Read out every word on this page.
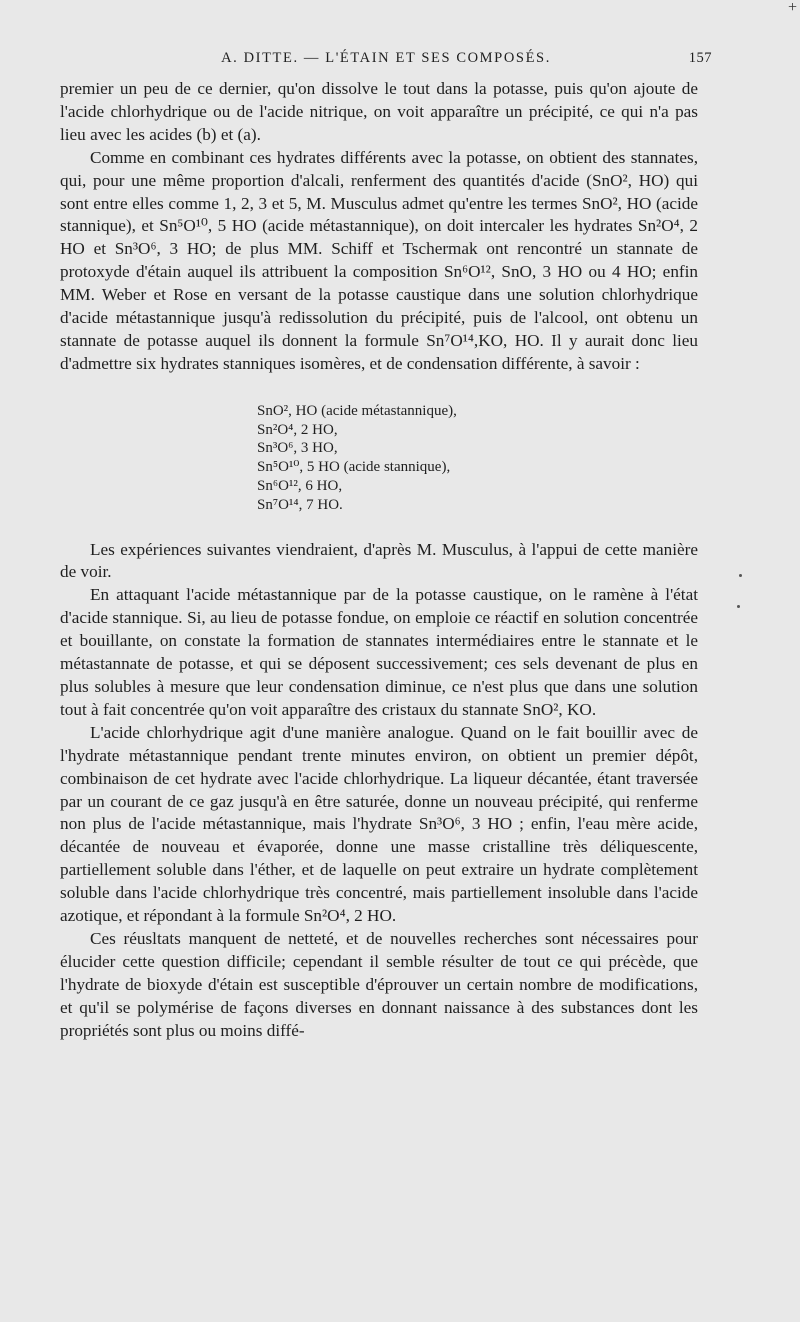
+
A. DITTE. — L'ÉTAIN ET SES COMPOSÉS.	157

premier un peu de ce dernier, qu'on dissolve le tout dans la potasse, puis qu'on ajoute de l'acide chlorhydrique ou de l'acide nitrique, on voit apparaître un précipité, ce qui n'a pas lieu avec les acides (b) et (a).

Comme en combinant ces hydrates différents avec la potasse, on obtient des stannates, qui, pour une même proportion d'alcali, renferment des quantités d'acide (SnO², HO) qui sont entre elles comme 1, 2, 3 et 5, M. Musculus admet qu'entre les termes SnO², HO (acide stannique), et Sn⁵O¹⁰, 5 HO (acide métastannique), on doit intercaler les hydrates Sn²O⁴, 2 HO et Sn³O⁶, 3 HO; de plus MM. Schiff et Tschermak ont rencontré un stannate de protoxyde d'étain auquel ils attribuent la composition Sn⁶O¹², SnO, 3 HO ou 4 HO; enfin MM. Weber et Rose en versant de la potasse caustique dans une solution chlorhydrique d'acide métastannique jusqu'à redissolution du précipité, puis de l'alcool, ont obtenu un stannate de potasse auquel ils donnent la formule Sn⁷O¹⁴,KO, HO. Il y aurait donc lieu d'admettre six hydrates stanniques isomères, et de condensation différente, à savoir :

SnO², HO (acide métastannique),
Sn²O⁴, 2 HO,
Sn³O⁶, 3 HO,
Sn⁵O¹⁰, 5 HO (acide stannique),
Sn⁶O¹², 6 HO,
Sn⁷O¹⁴, 7 HO.

Les expériences suivantes viendraient, d'après M. Musculus, à l'appui de cette manière de voir.

En attaquant l'acide métastannique par de la potasse caustique, on le ramène à l'état d'acide stannique. Si, au lieu de potasse fondue, on emploie ce réactif en solution concentrée et bouillante, on constate la formation de stannates intermédiaires entre le stannate et le métastannate de potasse, et qui se déposent successivement; ces sels devenant de plus en plus solubles à mesure que leur condensation diminue, ce n'est plus que dans une solution tout à fait concentrée qu'on voit apparaître des cristaux du stannate SnO², KO.

L'acide chlorhydrique agit d'une manière analogue. Quand on le fait bouillir avec de l'hydrate métastannique pendant trente minutes environ, on obtient un premier dépôt, combinaison de cet hydrate avec l'acide chlorhydrique. La liqueur décantée, étant traversée par un courant de ce gaz jusqu'à en être saturée, donne un nouveau précipité, qui renferme non plus de l'acide métastannique, mais l'hydrate Sn³O⁶, 3 HO ; enfin, l'eau mère acide, décantée de nouveau et évaporée, donne une masse cristalline très déliquescente, partiellement soluble dans l'éther, et de laquelle on peut extraire un hydrate complètement soluble dans l'acide chlorhydrique très concentré, mais partiellement insoluble dans l'acide azotique, et répondant à la formule Sn²O⁴, 2 HO.

Ces réusltats manquent de netteté, et de nouvelles recherches sont nécessaires pour élucider cette question difficile; cependant il semble résulter de tout ce qui précède, que l'hydrate de bioxyde d'étain est susceptible d'éprouver un certain nombre de modifications, et qu'il se polymérise de façons diverses en donnant naissance à des substances dont les propriétés sont plus ou moins diffé-
